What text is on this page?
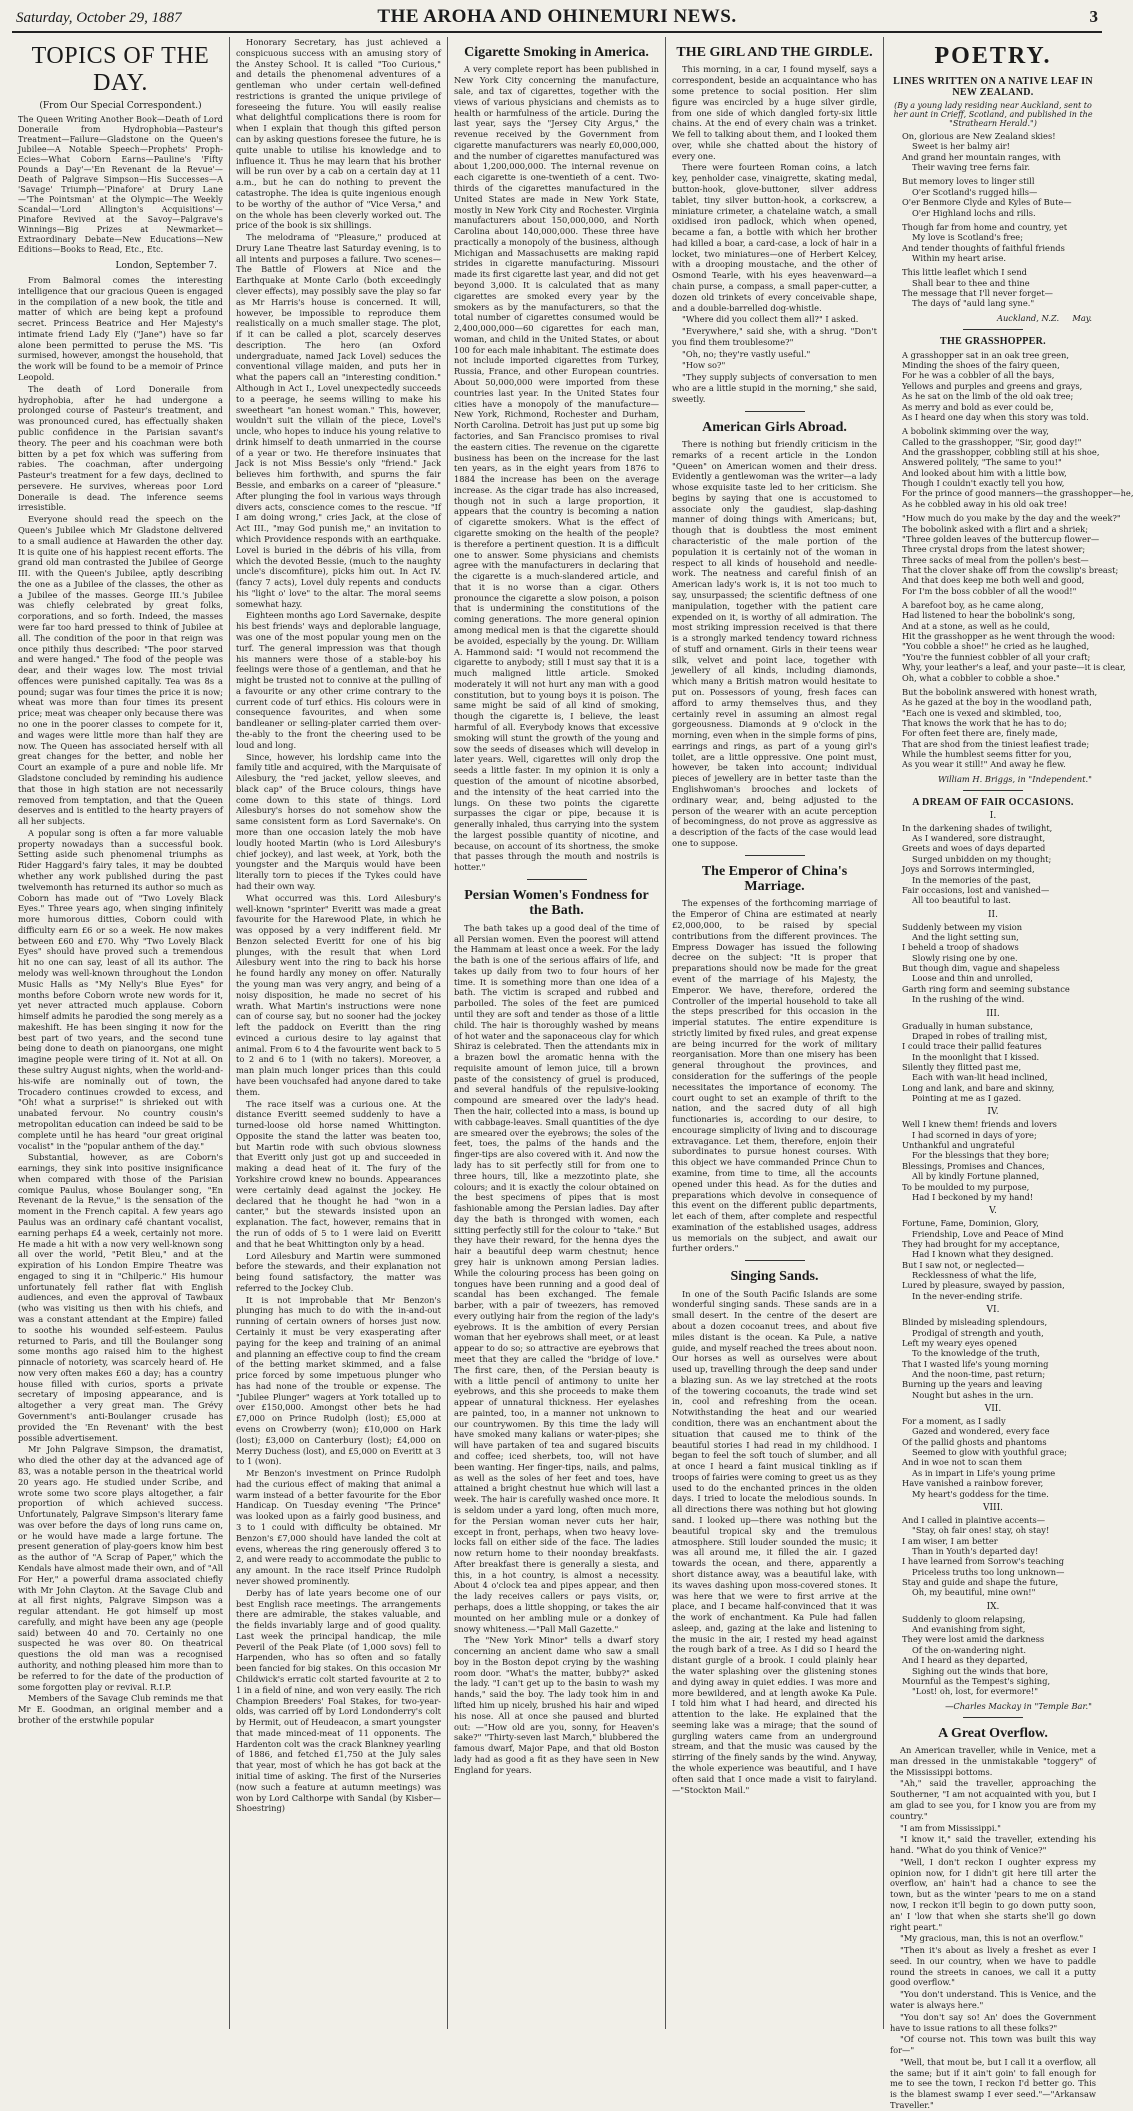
Saturday, October 29, 1887	THE AROHA AND OHINEMURI NEWS.	3
TOPICS OF THE DAY.
(From Our Special Correspondent.)
The Queen Writing Another Book—Death of Lord Doneraile from Hydrophobia—Pasteur's Treatment—Failure—Gladstone on the Queen's Jubilee—A Notable Speech—Prophets' Proph-Ecies—What Coborn Earns—Pauline's 'Fifty Pounds a Day'—'En Revenant de la Revue'—Death of Palgrave Simpson—His Successes—A 'Savage' Triumph—'Pinafore' at Drury Lane—'The Pointsman' at the Olympic—The Weekly Scandal—'Lord Allington's Acquisitions'—Pinafore Revived at the Savoy—Palgrave's Winnings—Big Prizes at Newmarket—Extraordinary Debate—New Educations—New Editions—Books to Read, Etc., Etc.
London, September 7.

From Balmoral comes the interesting intelligence that our gracious Queen is engaged in the compilation of a new book, the title and matter of which are being kept a profound secret. Princess Beatrice and Her Majesty's intimate friend Lady Ely ("Jane") have so far alone been permitted to peruse the MS. 'Tis surmised, however, amongst the household, that the work will be found to be a memoir of Prince Leopold.

The death of Lord Doneraile from hydrophobia, after he had undergone a prolonged course of Pasteur's treatment, and was pronounced cured, has effectually shaken public confidence in the Parisian savant's theory. The peer and his coachman were both bitten by a pet fox which was suffering from rabies. The coachman, after undergoing Pasteur's treatment for a few days, declined to persevere. He survives, whereas poor Lord Doneraile is dead. The inference seems irresistible.

Everyone should read the speech on the Queen's Jubilee which Mr Gladstone delivered to a small audience at Hawarden the other day. It is quite one of his happiest recent efforts. The grand old man contrasted the Jubilee of George III. with the Queen's Jubilee, aptly describing the one as a Jubilee of the classes, the other as a Jubilee of the masses. George III.'s Jubilee was chiefly celebrated by great folks, corporations, and so forth. Indeed, the masses were far too hard pressed to think of Jubilee at all. The condition of the poor in that reign was once pithily thus described: "The poor starved and were hanged." The food of the people was dear, and their wages low. The most trivial offences were punished capitally. Tea was 8s a pound; sugar was four times the price it is now; wheat was more than four times its present price; meat was cheaper only because there was no one in the poorer classes to compete for it, and wages were little more than half they are now. The Queen has associated herself with all great changes for the better, and noble her Court an example of a pure and noble life. Mr Gladstone concluded by reminding his audience that those in high station are not necessarily removed from temptation, and that the Queen deserves and is entitled to the hearty prayers of all her subjects.

A popular song is often a far more valuable property nowadays than a successful book. Setting aside such phenomenal triumphs as Rider Haggard's fairy tales, it may be doubted whether any work published during the past twelvemonth has returned its author so much as Coborn has made out of "Two Lovely Black Eyes." Three years ago, when singing infinitely more humorous ditties, Coborn could with difficulty earn £6 or so a week. He now makes between £60 and £70. Why "Two Lovely Black Eyes" should have proved such a tremendous hit no one can say, least of all its author. The melody was well-known throughout the London Music Halls as "My Nelly's Blue Eyes" for months before Coborn wrote new words for it, yet never attracted much applause. Coborn himself admits he parodied the song merely as a makeshift. He has been singing it now for the best part of two years, and the second tune being done to death on pianoorgans, one might imagine people were tiring of it. Not at all. On these sultry August nights, when the world-and-his-wife are nominally out of town, the Trocadero continues crowded to excess, and "Oh! what a surprise!" is shrieked out with unabated fervour. No country cousin's metropolitan education can indeed be said to be complete until he has heard "our great original vocalist" in the "popular anthem of the day."

Substantial, however, as are Coborn's earnings, they sink into positive insignificance when compared with those of the Parisian comique Paulus, whose Boulanger song, "En Revenant de la Revue," is the sensation of the moment in the French capital. A few years ago Paulus was an ordinary café chantant vocalist, earning perhaps £4 a week, certainly not more. He made a hit with a now very well-known song all over the world, "Petit Bleu," and at the expiration of his London Empire Theatre was engaged to sing it in "Chilperic." His humour unfortunately fell rather flat with English audiences, and even the approval of Tawbaux (who was visiting us then with his chiefs, and was a constant attendant at the Empire) failed to soothe his wounded self-esteem. Paulus returned to Paris, and till the Boulanger song some months ago raised him to the highest pinnacle of notoriety, was scarcely heard of. He now very often makes £60 a day; has a country house filled with curios, sports a private secretary of imposing appearance, and is altogether a very great man. The Grévy Government's anti-Boulanger crusade has provided the 'En Revenant' with the best possible advertisement.

Mr John Palgrave Simpson, the dramatist, who died the other day at the advanced age of 83, was a notable person in the theatrical world 20 years ago. He studied under Scribe, and wrote some two score plays altogether, a fair proportion of which achieved success. Unfortunately, Palgrave Simpson's literary fame was over before the days of long runs came on, or he would have made a large fortune. The present generation of play-goers know him best as the author of "A Scrap of Paper," which the Kendals have almost made their own, and of "All For Her," a powerful drama associated chiefly with Mr John Clayton. At the Savage Club and at all first nights, Palgrave Simpson was a regular attendant. He got himself up most carefully, and might have been any age (people said) between 40 and 70. Certainly no one suspected he was over 80. On theatrical questions the old man was a recognised authority, and nothing pleased him more than to be referred to for the date of the production of some forgotten play or revival. R.I.P.

Members of the Savage Club reminds me that Mr E. Goodman, an original member and a brother of the erstwhile popular

Honorary Secretary, has just achieved a conspicuous success with an amusing story of the Anstey School. It is called "Too Curious," and details the phenomenal adventures of a gentleman who under certain well-defined restrictions is granted the unique privilege of foreseeing the future. You will easily realise what delightful complications there is room for when I explain that though this gifted person can by asking questions foresee the future, he is quite unable to utilise his knowledge and to influence it. Thus he may learn that his brother will be run over by a cab on a certain day at 11 a.m., but he can do nothing to prevent the catastrophe. The idea is quite ingenious enough to be worthy of the author of "Vice Versa," and on the whole has been cleverly worked out. The price of the book is six shillings.

The melodrama of "Pleasure," produced at Drury Lane Theatre last Saturday evening, is to all intents and purposes a failure. Two scenes—The Battle of Flowers at Nice and the Earthquake at Monte Carlo (both exceedingly clever effects), may possibly save the play so far as Mr Harris's house is concerned. It will, however, be impossible to reproduce them realistically on a much smaller stage. The plot, if it can be called a plot, scarcely deserves description. The hero (an Oxford undergraduate, named Jack Lovel) seduces the conventional village maiden, and puts her in what the papers call an "interesting condition." Although in Act I., Lovel unexpectedly succeeds to a peerage, he seems willing to make his sweetheart "an honest woman." This, however, wouldn't suit the villain of the piece, Lovel's uncle, who hopes to induce his young relative to drink himself to death unmarried in the course of a year or two. He therefore insinuates that Jack is not Miss Bessie's only "friend." Jack believes him forthwith, and spurns the fair Bessie, and embarks on a career of "pleasure." After plunging the fool in various ways through divers acts, conscience comes to the rescue. "If I am doing wrong," cries Jack, at the close of Act III., "may God punish me," an invitation to which Providence responds with an earthquake. Lovel is buried in the débris of his villa, from which the devoted Bessie, (much to the naughty uncle's discomfiture), picks him out. In Act IV. (fancy 7 acts), Lovel duly repents and conducts his "light o' love" to the altar. The moral seems somewhat hazy.

Eighteen months ago Lord Savernake, despite his best friends' ways and deplorable language, was one of the most popular young men on the turf. The general impression was that though his manners were those of a stable-boy his feelings were those of a gentleman, and that he might be trusted not to connive at the pulling of a favourite or any other crime contrary to the current code of turf ethics. His colours were in consequence favourites, and when some bandleaner or selling-plater carried them over-the-ably to the front the cheering used to be loud and long.

Since, however, his lordship came into the family title and acquired, with the Marquisate of Ailesbury, the "red jacket, yellow sleeves, and black cap" of the Bruce colours, things have come down to this state of things. Lord Ailesbury's horses do not somehow show the same consistent form as Lord Savernake's. On more than one occasion lately the mob have loudly hooted Martin (who is Lord Ailesbury's chief jockey), and last week, at York, both the youngster and the Marquis would have been literally torn to pieces if the Tykes could have had their own way.

What occurred was this. Lord Ailesbury's well-known "sprinter" Everitt was made a great favourite for the Harewood Plate, in which he was opposed by a very indifferent field. Mr Benzon selected Everitt for one of his big plunges, with the result that when Lord Ailesbury went into the ring to back his horse he found hardly any money on offer. Naturally the young man was very angry, and being of a noisy disposition, he made no secret of his wrath. What Martin's instructions were none can of course say, but no sooner had the jockey left the paddock on Everitt than the ring evinced a curious desire to lay against that animal. From 6 to 4 the favourite went back to 5 to 2 and 6 to 1 (with no takers). Moreover, a man plain much longer prices than this could have been vouchsafed had anyone dared to take them.

The race itself was a curious one. At the distance Everitt seemed suddenly to have a turned-loose old horse named Whittington. Opposite the stand the latter was beaten too, but Martin rode with such obvious slowness that Everitt only just got up and succeeded in making a dead heat of it. The fury of the Yorkshire crowd knew no bounds. Appearances were certainly dead against the jockey. He declared that he thought he had "won in a canter," but the stewards insisted upon an explanation. The fact, however, remains that in the run of odds of 5 to 1 were laid on Everitt and that he beat Whittington only by a head.

Lord Ailesbury and Martin were summoned before the stewards, and their explanation not being found satisfactory, the matter was referred to the Jockey Club.

It is not improbable that Mr Benzon's plunging has much to do with the in-and-out running of certain owners of horses just now. Certainly it must be very exasperating after paying for the keep and training of an animal and planning an effective coup to find the cream of the betting market skimmed, and a false price forced by some impetuous plunger who has had none of the trouble or expense. The "Jubilee Plunger" wagers at York totalled up to over £150,000. Amongst other bets he had £7,000 on Prince Rudolph (lost); £5,000 at evens on Crowberry (won); £10,000 on Hark (lost); £3,000 on Canterbury (lost); £4,000 on Merry Duchess (lost), and £5,000 on Everitt at 3 to 1 (won).

Mr Benzon's investment on Prince Rudolph had the curious effect of making that animal a warm instead of a better favourite for the Ebor Handicap. On Tuesday evening "The Prince" was looked upon as a fairly good business, and 3 to 1 could with difficulty be obtained. Mr Benzon's £7,000 should have landed the colt at evens, whereas the ring generously offered 3 to 2, and were ready to accommodate the public to any amount. In the race itself Prince Rudolph never showed prominently.

Derby has of late years become one of our best English race meetings. The arrangements there are admirable, the stakes valuable, and the fields invariably large and of good quality. Last week the principal handicap, the mile Peveril of the Peak Plate (of 1,000 sovs) fell to Harpenden, who has so often and so fatally been fancied for big stakes. On this occasion Mr Childwick's erratic colt started favourite at 2 to 1 in a field of nine, and won very easily. The rich Champion Breeders' Foal Stakes, for two-year-olds, was carried off by Lord Londonderry's colt by Hermit, out of Heudeacon, a smart youngster that made minced-meat of 11 opponents. The Hardenton colt was the crack Blankney yearling of 1886, and fetched £1,750 at the July sales that year, most of which he has got back at the initial time of asking. The first of the Nurseries (now such a feature at autumn meetings) was won by Lord Calthorpe with Sandal (by Kisber—Shoestring)

Cigarette Smoking in America.

A very complete report has been published in New York City concerning the manufacture, sale, and tax of cigarettes, together with the views of various physicians and chemists as to health or harmfulness of the article. During the last year, says the "Jersey City Argus," the revenue received by the Government from cigarette manufacturers was nearly £0,000,000, and the number of cigarettes manufactured was about 1,200,000,000. The internal revenue on each cigarette is one-twentieth of a cent. Two-thirds of the cigarettes manufactured in the United States are made in New York State, mostly in New York City and Rochester. Virginia manufacturers about 150,000,000, and North Carolina about 140,000,000. These three have practically a monopoly of the business, although Michigan and Massachusetts are making rapid strides in cigarette manufacturing. Missouri made its first cigarette last year, and did not get beyond 3,000. It is calculated that as many cigarettes are smoked every year by the smokers as by the manufacturers, so that the total number of cigarettes consumed would be 2,400,000,000—60 cigarettes for each man, woman, and child in the United States, or about 100 for each male inhabitant. The estimate does not include imported cigarettes from Turkey, Russia, France, and other European countries. About 50,000,000 were imported from these countries last year. In the United States four cities have a monopoly of the manufacture—New York, Richmond, Rochester and Durham, North Carolina. Detroit has just put up some big factories, and San Francisco promises to rival the eastern cities. The revenue on the cigarette business has been on the increase for the last ten years, as in the eight years from 1876 to 1884 the increase has been on the average increase. As the cigar trade has also increased, though not in such a large proportion, it appears that the country is becoming a nation of cigarette smokers. What is the effect of cigarette smoking on the health of the people? is therefore a pertinent question. It is a difficult one to answer. Some physicians and chemists agree with the manufacturers in declaring that the cigarette is a much-slandered article, and that it is no worse than a cigar. Others pronounce the cigarette a slow poison, a poison that is undermining the constitutions of the coming generations. The more general opinion among medical men is that the cigarette should be avoided, especially by the young. Dr. William A. Hammond said: "I would not recommend the cigarette to anybody; still I must say that it is a much maligned little article. Smoked moderately it will not hurt any man with a good constitution, but to young boys it is poison. The same might be said of all kind of smoking, though the cigarette is, I believe, the least harmful of all. Everybody knows that excessive smoking will stunt the growth of the young and sow the seeds of diseases which will develop in later years. Well, cigarettes will only drop the seeds a little faster. In my opinion it is only a question of the amount of nicotine absorbed, and the intensity of the heat carried into the lungs. On these two points the cigarette surpasses the cigar or pipe, because it is generally inhaled, thus carrying into the system the largest possible quantity of nicotine, and because, on account of its shortness, the smoke that passes through the mouth and nostrils is hotter."

Persian Women's Fondness for the Bath.

The bath takes up a good deal of the time of all Persian women. Even the poorest will attend the Hammam at least once a week. For the lady the bath is one of the serious affairs of life, and takes up daily from two to four hours of her time. It is something more than one idea of a bath. The victim is scraped and rubbed and parboiled. The soles of the feet are pumiced until they are soft and tender as those of a little child. The hair is thoroughly washed by means of hot water and the saponaceous clay for which Shiraz is celebrated. Then the attendants mix in a brazen bowl the aromatic henna with the requisite amount of lemon juice, till a brown paste of the consistency of gruel is produced, and several handfuls of the repulsive-looking compound are smeared over the lady's head. Then the hair, collected into a mass, is bound up with cabbage-leaves. Small quantities of the dye are smeared over the eyebrows; the soles of the feet, toes, the palms of the hands and the finger-tips are also covered with it. And now the lady has to sit perfectly still for from one to three hours, till, like a mezzotinto plate, she colours; and it is exactly the colour obtained on the best specimens of pipes that is most fashionable among the Persian ladies. Day after day the bath is thronged with women, each sitting perfectly still for the colour to "take." But they have their reward, for the henna dyes the hair a beautiful deep warm chestnut; hence grey hair is unknown among Persian ladies. While the colouring process has been going on tongues have been running and a good deal of scandal has been exchanged. The female barber, with a pair of tweezers, has removed every outlying hair from the region of the lady's eyebrows. It is the ambition of every Persian woman that her eyebrows shall meet, or at least appear to do so; so attractive are eyebrows that meet that they are called the "bridge of love." The first care, then, of the Persian beauty is with a little pencil of antimony to unite her eyebrows, and this she proceeds to make them appear of unnatural thickness. Her eyelashes are painted, too, in a manner not unknown to our countrywomen. By this time the lady will have smoked many kalians or water-pipes; she will have partaken of tea and sugared biscuits and coffee; iced sherbets, too, will not have been wanting. Her finger-tips, nails, and palms, as well as the soles of her feet and toes, have attained a bright chestnut hue which will last a week. The hair is carefully washed once more. It is seldom under a yard long, often much more, for the Persian woman never cuts her hair, except in front, perhaps, when two heavy love-locks fall on either side of the face. The ladies now return home to their noonday breakfasts. After breakfast there is generally a siesta, and this, in a hot country, is almost a necessity. About 4 o'clock tea and pipes appear, and then the lady receives callers or pays visits, or, perhaps, does a little shopping, or takes the air mounted on her ambling mule or a donkey of snowy whiteness.—"Pall Mall Gazette."

The "New York Minor" tells a dwarf story concerning an ancient dame who saw a small boy in the Boston depot crying by the washing room door. "What's the matter, bubby?" asked the lady. "I can't get up to the basin to wash my hands," said the boy. The lady took him in and lifted him up nicely, brushed his hair and wiped his nose. All at once she paused and blurted out: —"How old are you, sonny, for Heaven's sake?" "Thirty-seven last March," blubbered the famous dwarf, Major Pape, and that old Boston lady had as good a fit as they have seen in New England for years.

THE GIRL AND THE GIRDLE.

This morning, in a car, I found myself, says a correspondent, beside an acquaintance who has some pretence to social position. Her slim figure was encircled by a huge silver girdle, from one side of which dangled forty-six little chains. At the end of every chain was a trinket. We fell to talking about them, and I looked them over, while she chatted about the history of every one.

There were fourteen Roman coins, a latch key, penholder case, vinaigrette, skating medal, button-hook, glove-buttoner, silver address tablet, tiny silver button-hook, a corkscrew, a miniature crimeter, a chatelaine watch, a small oxidised iron padlock, which when opened, became a fan, a bottle with which her brother had killed a boar, a card-case, a lock of hair in a locket, two miniatures—one of Herbert Kelcey, with a drooping moustache, and the other of Osmond Tearle, with his eyes heavenward—a chain purse, a compass, a small paper-cutter, a dozen old trinkets of every conceivable shape, and a double-barrelled dog-whistle.

"Where did you collect them all?" I asked.

"Everywhere," said she, with a shrug. "Don't you find them troublesome?"

"Oh, no; they're vastly useful."

"How so?"

"They supply subjects of conversation to men who are a little stupid in the morning," she said, sweetly.

American Girls Abroad.

There is nothing but friendly criticism in the remarks of a recent article in the London "Queen" on American women and their dress. Evidently a gentlewoman was the writer—a lady whose exquisite taste led to her criticism. She begins by saying that one is accustomed to associate only the gaudiest, slap-dashing manner of doing things with Americans; but, though that is doubtless the most eminent characteristic of the male portion of the population it is certainly not of the woman in respect to all kinds of household and needle-work. The neatness and careful finish of an American lady's work is, it is not too much to say, unsurpassed; the scientific deftness of one manipulation, together with the patient care expended on it, is worthy of all admiration. The most striking impression received is that there is a strongly marked tendency toward richness of stuff and ornament. Girls in their teens wear silk, velvet and point lace, together with jewellery of all kinds, including diamonds, which many a British matron would hesitate to put on. Possessors of young, fresh faces can afford to army themselves thus, and they certainly revel in assuming an almost regal gorgeousness. Diamonds at 9 o'clock in the morning, even when in the simple forms of pins, earrings and rings, as part of a young girl's toilet, are a little oppressive. One point must, however, be taken into account; individual pieces of jewellery are in better taste than the Englishwoman's brooches and lockets of ordinary wear, and, being adjusted to the person of the wearer with an acute perception of becomingness, do not prove as aggressive as a description of the facts of the case would lead one to suppose.

The Emperor of China's Marriage.

The expenses of the forthcoming marriage of the Emperor of China are estimated at nearly £2,000,000, to be raised by special contributions from the different provinces. The Empress Dowager has issued the following decree on the subject: "It is proper that preparations should now be made for the great event of the marriage of his Majesty, the Emperor. We have, therefore, ordered the Controller of the imperial household to take all the steps prescribed for this occasion in the imperial statutes. The entire expenditure is strictly limited by fixed rules, and great expense are being incurred for the work of military reorganisation. More than one misery has been general throughout the provinces, and consideration for the sufferings of the people necessitates the importance of economy. The court ought to set an example of thrift to the nation, and the sacred duty of all high functionaries is, according to our desire, to encourage simplicity of living and to discourage extravagance. Let them, therefore, enjoin their subordinates to pursue honest courses. With this object we have commanded Prince Chun to examine, from time to time, all the accounts opened under this head. As for the duties and preparations which devolve in consequence of this event on the different public departments, let each of them, after complete and respectful examination of the established usages, address us memorials on the subject, and await our further orders."

Singing Sands.

In one of the South Pacific Islands are some wonderful singing sands. These sands are in a small desert. In the centre of the desert are about a dozen cocoanut trees, and about five miles distant is the ocean. Ka Pule, a native guide, and myself reached the trees about noon. Our horses as well as ourselves were about used up, travelling through the deep sand under a blazing sun. As we lay stretched at the roots of the towering cocoanuts, the trade wind set in, cool and refreshing from the ocean. Notwithstanding the heat and our wearied condition, there was an enchantment about the situation that caused me to think of the beautiful stories I had read in my childhood. I began to feel the soft touch of slumber, and all at once I heard a faint musical tinkling as if troops of fairies were coming to greet us as they used to do the enchanted princes in the olden days. I tried to locate the melodious sounds. In all directions there was nothing but hot glowing sand. I looked up—there was nothing but the beautiful tropical sky and the tremulous atmosphere. Still louder sounded the music; it was all around me, it filled the air. I gazed towards the ocean, and there, apparently a short distance away, was a beautiful lake, with its waves dashing upon moss-covered stones. It was here that we were to first arrive at the place, and I became half-convinced that it was the work of enchantment. Ka Pule had fallen asleep, and, gazing at the lake and listening to the music in the air, I rested my head against the rough bark of a tree. As I did so I heard the distant gurgle of a brook. I could plainly hear the water splashing over the glistening stones and dying away in quiet eddies. I was more and more bewildered, and at length awoke Ka Pule. I told him what I had heard, and directed his attention to the lake. He explained that the seeming lake was a mirage; that the sound of gurgling waters came from an underground stream, and that the music was caused by the stirring of the finely sands by the wind. Anyway, the whole experience was beautiful, and I have often said that I once made a visit to fairyland.—"Stockton Mail."

POETRY.
LINES WRITTEN ON A NATIVE LEAF IN NEW ZEALAND.
(By a young lady residing near Auckland, sent to her aunt in Crieff, Scotland, and published in the "Strathearn Herald.")
On, glorious are New Zealand skies!
Sweet is her balmy air!
And grand her mountain ranges, with
Their waving tree ferns fair.
But memory loves to linger still
O'er Scotland's rugged hills—
O'er Benmore Clyde and Kyles of Bute—
O'er Highland lochs and rills.
Though far from home and country, yet
My love is Scotland's free;
And tender thoughts of faithful friends
Within my heart arise.
This little leaflet which I send
Shall bear to thee and thine
The message that I'll never forget—
The days of "auld lang syne."
Auckland, N.Z. May.
THE GRASSHOPPER.
A grasshopper sat in an oak tree green,
Minding the shoes of the fairy queen,
For he was a cobbler of all the bays,
Yellows and purples and greens and grays,
As he sat on the limb of the old oak tree;
As merry and bold as ever could be,
As I heard one day when this story was told.
A bobolink skimming over the way,
Called to the grasshopper, "Sir, good day!"
And the grasshopper, cobbling still at his shoe,
Answered politely, "The same to you!"
And looked about him with a little bow,
Though I couldn't exactly tell you how,
For the prince of good manners—the grasshopper—he,
As he cobbled away in his old oak tree!
"How much do you make by the day and the week?"
The bobolink asked with a flirt and a shriek;
"Three golden leaves of the buttercup flower—
Three crystal drops from the latest shower;
Three sacks of meal from the pollen's best—
That the clover shake off from the cowslip's breast;
And that does keep me both well and good,
For I'm the boss cobbler of all the wood!"
A barefoot boy, as he came along,
Had listened to hear the bobolink's song,
And at a stone, as well as he could,
Hit the grasshopper as he went through the wood:
"You cobble a shoe!" he cried as he laughed,
"You're the funniest cobbler of all your craft;
Why, your leather's a leaf, and your paste—it is clear,
Oh, what a cobbler to cobble a shoe."
But the bobolink answered with honest wrath,
As he gazed at the boy in the woodland path,
"Each one is vexed and skimbled, too,
That knows the work that he has to do;
For often feet there are, finely made,
That are shod from the tiniest leafiest trade;
While the humblest seems fitter for you,
As you wear it still!" And away he flew.
William H. Briggs, in "Independent."
A DREAM OF FAIR OCCASIONS.
I.
In the darkening shades of twilight,
As I wandered, sore distraught,
Greets and woes of days departed
Surged unbidden on my thought;
Joys and Sorrows intermingled,
In the memories of the past,
Fair occasions, lost and vanished—
All too beautiful to last.
II.
Suddenly between my vision
And the light setting sun,
I beheld a troop of shadows
Slowly rising one by one.
But though dim, vague and shapeless
Loose and thin and unrolled,
Garth ring form and seeming substance
In the rushing of the wind.
III.
Gradually in human substance,
Draped in robes of trailing mist,
I could trace their pallid features
In the moonlight that I kissed.
Silently they flitted past me,
Each with wan-lit head inclined,
Long and lank, and bare and skinny,
Pointing at me as I gazed.
IV.
Well I knew them! friends and lovers
I had scorned in days of yore;
Unthankful and ungrateful
For the blessings that they bore;
Blessings, Promises and Chances,
All by kindly Fortune planned,
To be moulded to my purpose,
Had I beckoned by my hand!
V.
Fortune, Fame, Dominion, Glory,
Friendship, Love and Peace of Mind
They had brought for my acceptance,
Had I known what they designed.
But I saw not, or neglected—
Recklessness of what the life,
Lured by pleasure, swayed by passion,
In the never-ending strife.
VI.
Blinded by misleading splendours,
Prodigal of strength and youth,
Left my weary eyes opened
To the knowledge of the truth,
That I wasted life's young morning
And the noon-time, past return;
Burning up the years and leaving
Nought but ashes in the urn.
VII.
For a moment, as I sadly
Gazed and wondered, every face
Of the pallid ghosts and phantoms
Seemed to glow with youthful grace;
And in woe not to scan them
As in impart in Life's young prime
Have vanished a rainbow forever,
My heart's goddess for the time.
VIII.
And I called in plaintive accents—
"Stay, oh fair ones! stay, oh stay!
I am wiser, I am better
Than in Youth's departed day!
I have learned from Sorrow's teaching
Priceless truths too long unknown—
Stay and guide and shape the future,
Oh, my beautiful, mine own!"
IX.
Suddenly to gloom relapsing,
And evanishing from sight,
They were lost amid the darkness
Of the on-wandering night.
And I heard as they departed,
Sighing out the winds that bore,
Mournful as the Tempest's sighing,
"Lost! oh, lost, for evermore!"
—Charles Mackay in "Temple Bar."
A Great Overflow.

An American traveller, while in Venice, met a man dressed in the unmistakable "toggery" of the Mississippi bottoms.

"Ah," said the traveller, approaching the Southerner, "I am not acquainted with you, but I am glad to see you, for I know you are from my country."

"I am from Mississippi."

"I know it," said the traveller, extending his hand. "What do you think of Venice?"

"Well, I don't reckon I oughter express my opinion now, for I didn't git here till arter the overflow, an' hain't had a chance to see the town, but as the winter 'pears to me on a stand now, I reckon it'll begin to go down putty soon, an' I 'low that when she starts she'll go down right peart."

"My gracious, man, this is not an overflow."

"Then it's about as lively a freshet as ever I seed. In our country, when we have to paddle round the streets in canoes, we call it a putty good overflow."

"You don't understand. This is Venice, and the water is always here."

"You don't say so! An' does the Government have to issue rations to all these folks?"

"Of course not. This town was built this way for—"

"Well, that mout be, but I call it a overflow, all the same; but if it ain't goin' to fall enough for me to see the town, I reckon I'd better go. This is the blamest swamp I ever seed."—"Arkansaw Traveller."
